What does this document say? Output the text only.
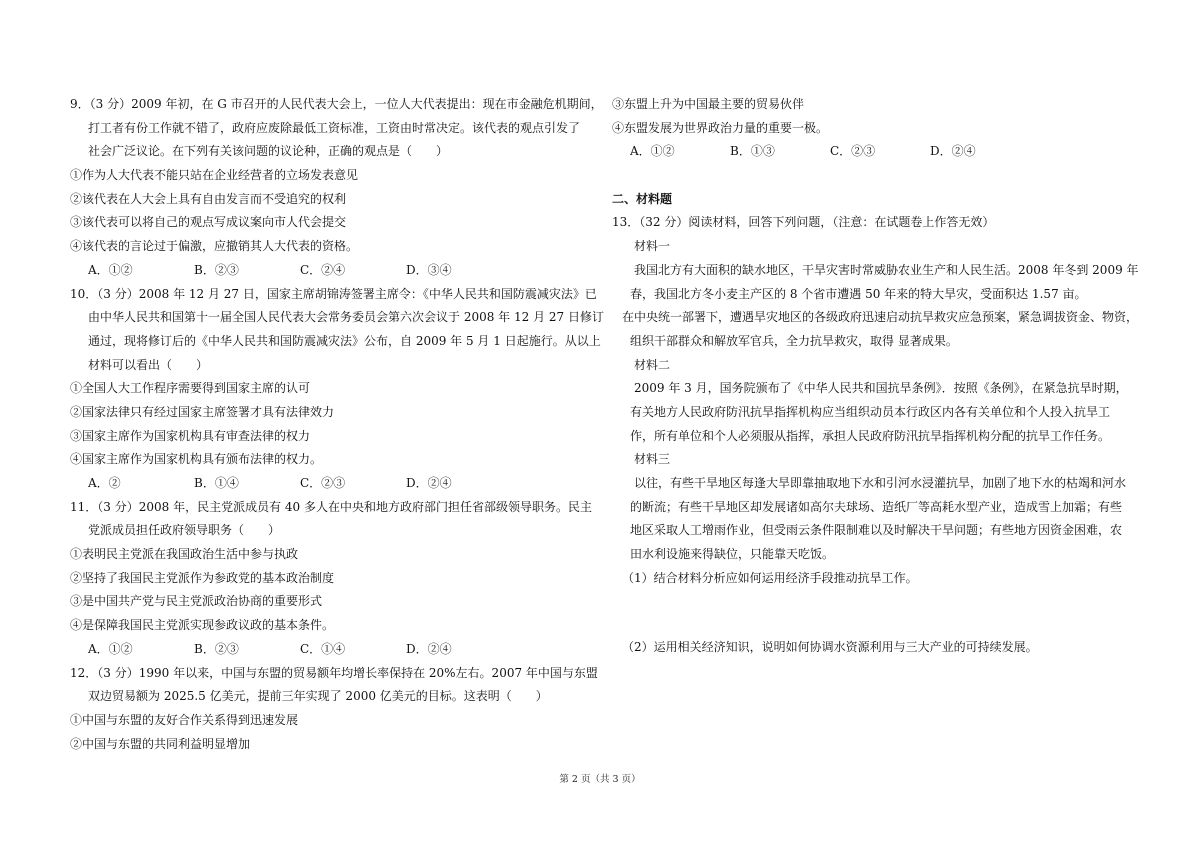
9．（3 分）2009 年初，在 G 市召开的人民代表大会上，一位人大代表提出：现在市金融危机期间，
打工者有份工作就不错了，政府应废除最低工资标准，工资由时常决定。该代表的观点引发了
社会广泛议论。在下列有关该问题的议论种，正确的观点是（　　）
①作为人大代表不能只站在企业经营者的立场发表意见
②该代表在人大会上具有自由发言而不受追究的权利
③该代表可以将自己的观点写成议案向市人代会提交
④该代表的言论过于偏激，应撤销其人大代表的资格。
A．①②	B．②③	C．②④	D．③④
10．（3 分）2008 年 12 月 27 日，国家主席胡锦涛签署主席令：《中华人民共和国防震减灾法》已
由中华人民共和国第十一届全国人民代表大会常务委员会第六次会议于 2008 年 12 月 27 日修订
通过，现将修订后的《中华人民共和国防震减灾法》公布，自 2009 年 5 月 1 日起施行。从以上
材料可以看出（　　）
①全国人大工作程序需要得到国家主席的认可
②国家法律只有经过国家主席签署才具有法律效力
③国家主席作为国家机构具有审查法律的权力
④国家主席作为国家机构具有颁布法律的权力。
A．②	B．①④	C．②③	D．②④
11．（3 分）2008 年，民主党派成员有 40 多人在中央和地方政府部门担任省部级领导职务。民主
党派成员担任政府领导职务（　　）
①表明民主党派在我国政治生活中参与执政
②坚持了我国民主党派作为参政党的基本政治制度
③是中国共产党与民主党派政治协商的重要形式
④是保障我国民主党派实现参政议政的基本条件。
A．①②	B．②③	C．①④	D．②④
12．（3 分）1990 年以来，中国与东盟的贸易额年均增长率保持在 20%左右。2007 年中国与东盟
双边贸易额为 2025.5 亿美元，提前三年实现了 2000 亿美元的目标。这表明（　　）
①中国与东盟的友好合作关系得到迅速发展
②中国与东盟的共同利益明显增加
③东盟上升为中国最主要的贸易伙伴
④东盟发展为世界政治力量的重要一极。
A．①②	B．①③	C．②③	D．②④
二、材料题
13．（32 分）阅读材料，回答下列问题，（注意：在试题卷上作答无效）
材料一
我国北方有大面积的缺水地区，干旱灾害时常威胁农业生产和人民生活。2008 年冬到 2009 年
春，我国北方冬小麦主产区的 8 个省市遭遇 50 年来的特大旱灾，受面积达 1.57 亩。
在中央统一部署下，遭遇旱灾地区的各级政府迅速启动抗旱救灾应急预案，紧急调拔资金、物资，
组织干部群众和解放军官兵，全力抗旱救灾，取得 显著成果。
材料二
2009 年 3 月，国务院颁布了《中华人民共和国抗旱条例》．按照《条例》，在紧急抗旱时期，
有关地方人民政府防汛抗旱指挥机构应当组织动员本行政区内各有关单位和个人投入抗旱工
作，所有单位和个人必须服从指挥，承担人民政府防汛抗旱指挥机构分配的抗旱工作任务。
材料三
以往，有些干旱地区每逢大旱即靠抽取地下水和引河水浸灌抗旱，加剧了地下水的枯竭和河水
的断流；有些干旱地区却发展诸如高尔夫球场、造纸厂等高耗水型产业，造成雪上加霜；有些
地区采取人工增雨作业，但受雨云条件限制难以及时解决干旱问题；有些地方因资金困难，农
田水利设施来得缺位，只能靠天吃饭。
（1）结合材料分析应如何运用经济手段推动抗旱工作。
（2）运用相关经济知识，说明如何协调水资源利用与三大产业的可持续发展。
第 2 页（共 3 页）
